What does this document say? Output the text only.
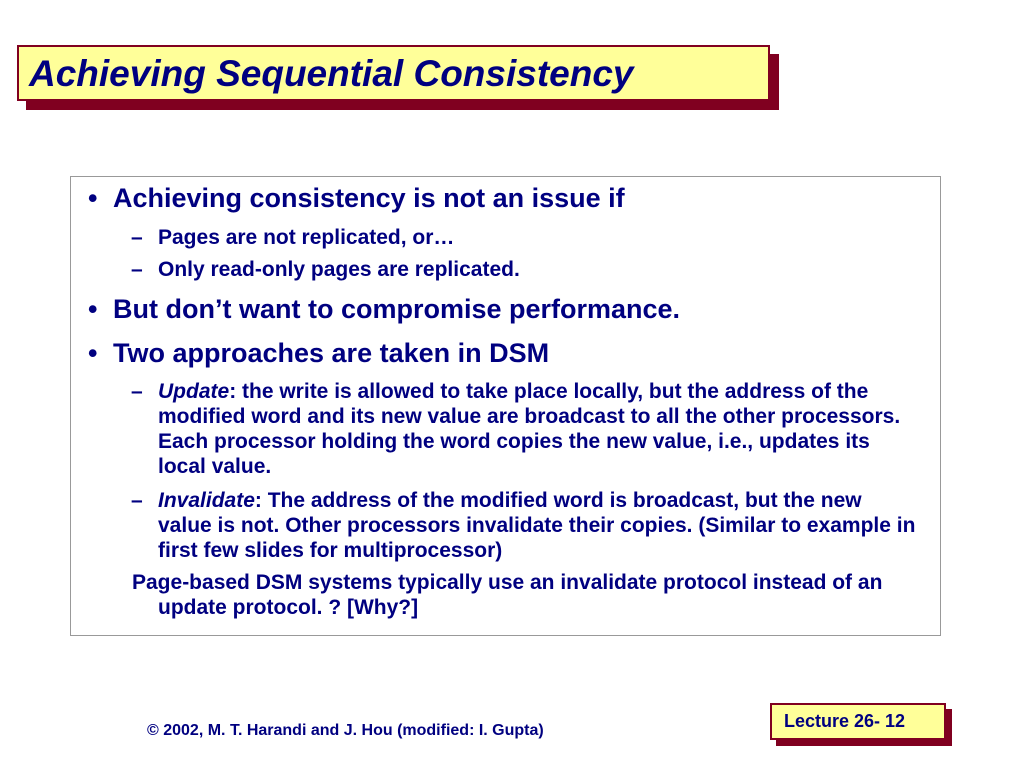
Achieving Sequential Consistency
• Achieving consistency is not an issue if
– Pages are not replicated, or…
– Only read-only pages are replicated.
• But don’t want to compromise performance.
• Two approaches are taken in DSM
– Update: the write is allowed to take place locally, but the address of the modified word and its new value are broadcast to all the other processors. Each processor holding the word copies the new value, i.e., updates its local value.
– Invalidate: The address of the modified word is broadcast, but the new value is not. Other processors invalidate their copies. (Similar to example in first few slides for multiprocessor)
Page-based DSM systems typically use an invalidate protocol instead of an update protocol. ? [Why?]
© 2002, M. T. Harandi and J. Hou (modified: I. Gupta)	Lecture 26- 12
